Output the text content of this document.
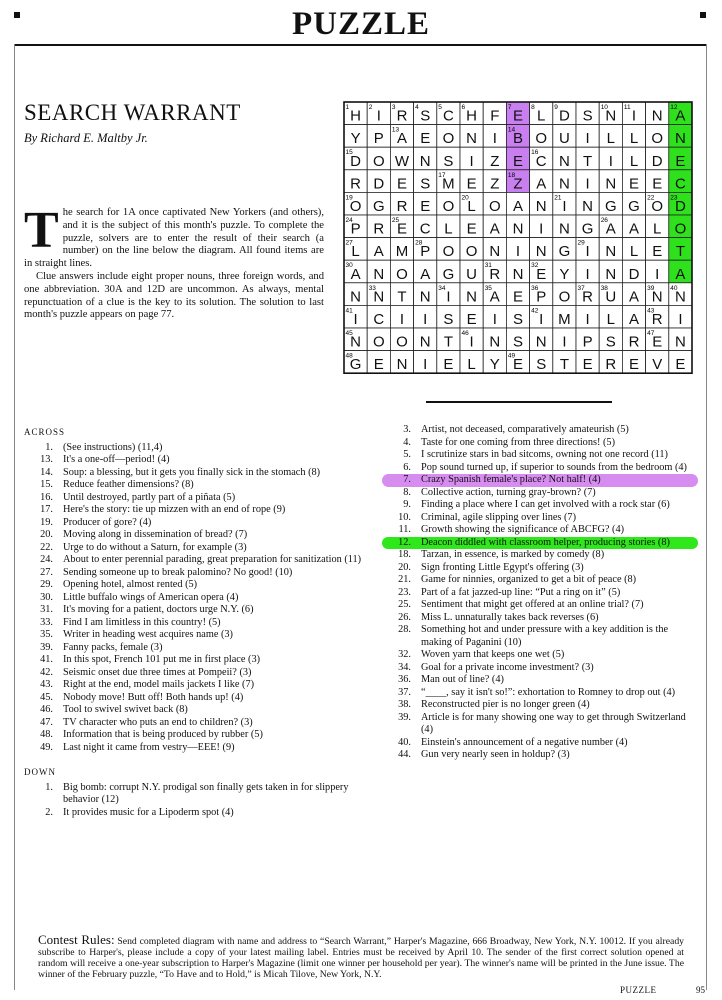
PUZZLE
SEARCH WARRANT
By Richard E. Maltby Jr.

The search for 1A once captivated New Yorkers (and others), and it is the subject of this month's puzzle. To complete the puzzle, solvers are to enter the result of their search (a number) on the line below the diagram. All found items are in straight lines.

Clue answers include eight proper nouns, three foreign words, and one abbreviation. 30A and 12D are uncommon. As always, mental repunctuation of a clue is the key to its solution. The solution to last month's puzzle appears on page 77.

1
H
2
I
3
R
4
S
5
C
6
H F
7
E
8
L
9
D S
10
N
11
I N
12
A
Y P
13
A E O N I
14
B O U I L L O N
15
D O W N S I Z E
16
C N T I L D E
R D E S
17
M E Z
18
Z A N I N E E C
19
O G R E O
20
L O A N
21
I N G G
22
O
23
D
24
P R
25
E C L E A N I N G
26
A A L O
27
L A M
28
P O O N I N G
29
I N L E T
30
A N O A G U
31
R N
32
E Y I N D I A
N
33
N T N
34
I N
35
A E
36
P O
37
R
38
U A
39
N
40
N
41
I C I I S E I S
42
I M I L A
43
R I
45
N O O N T
46
I N S N I P S R
47
E N
48
G E N I E L Y
49
E S T E R E V E
ACROSS
1. (See instructions) (11,4)
13. It's a one-off—period! (4)
14. Soup: a blessing, but it gets you finally sick in the stomach (8)
15. Reduce feather dimensions? (8)
16. Until destroyed, partly part of a piñata (5)
17. Here's the story: tie up mizzen with an end of rope (9)
19. Producer of gore? (4)
20. Moving along in dissemination of bread? (7)
22. Urge to do without a Saturn, for example (3)
24. About to enter perennial parading, great preparation for sanitization (11)
27. Sending someone up to break palomino? No good! (10)
29. Opening hotel, almost rented (5)
30. Little buffalo wings of American opera (4)
31. It's moving for a patient, doctors urge N.Y. (6)
33. Find I am limitless in this country! (5)
35. Writer in heading west acquires name (3)
39. Fanny packs, female (3)
41. In this spot, French 101 put me in first place (3)
42. Seismic onset due three times at Pompeii? (3)
43. Right at the end, model mails jackets I like (7)
45. Nobody move! Butt off! Both hands up! (4)
46. Tool to swivel swivet back (8)
47. TV character who puts an end to children? (3)
48. Information that is being produced by rubber (5)
49. Last night it came from vestry—EEE! (9)
DOWN
1. Big bomb: corrupt N.Y. prodigal son finally gets taken in for slippery behavior (12)
2. It provides music for a Lipoderm spot (4)
3. Artist, not deceased, comparatively amateurish (5)
4. Taste for one coming from three directions! (5)
5. I scrutinize stars in bad sitcoms, owning not one record (11)
6. Pop sound turned up, if superior to sounds from the bedroom (4)
7. Crazy Spanish female's place? Not half! (4)
8. Collective action, turning gray-brown? (7)
9. Finding a place where I can get involved with a rock star (6)
10. Criminal, agile slipping over lines (7)
11. Growth showing the significance of ABCFG? (4)
12. Deacon diddled with classroom helper, producing stories (8)
18. Tarzan, in essence, is marked by comedy (8)
20. Sign fronting Little Egypt's offering (3)
21. Game for ninnies, organized to get a bit of peace (8)
23. Part of a fat jazzed-up line: “Put a ring on it” (5)
25. Sentiment that might get offered at an online trial? (7)
26. Miss L. unnaturally takes back reverses (6)
28. Something hot and under pressure with a key addition is the making of Paganini (10)
32. Woven yarn that keeps one wet (5)
34. Goal for a private income investment? (3)
36. Man out of line? (4)
37. “____, say it isn't so!”: exhortation to Romney to drop out (4)
38. Reconstructed pier is no longer green (4)
39. Article is for many showing one way to get through Switzerland (4)
40. Einstein's announcement of a negative number (4)
44. Gun very nearly seen in holdup? (3)
Contest Rules: Send completed diagram with name and address to “Search Warrant,” Harper's Magazine, 666 Broadway, New York, N.Y. 10012. If you already subscribe to Harper's, please include a copy of your latest mailing label. Entries must be received by April 10. The sender of the first correct solution opened at random will receive a one-year subscription to Harper's Magazine (limit one winner per household per year). The winner's name will be printed in the June issue. The winner of the February puzzle, “To Have and to Hold,” is Micah Tilove, New York, N.Y.
PUZZLE	95
